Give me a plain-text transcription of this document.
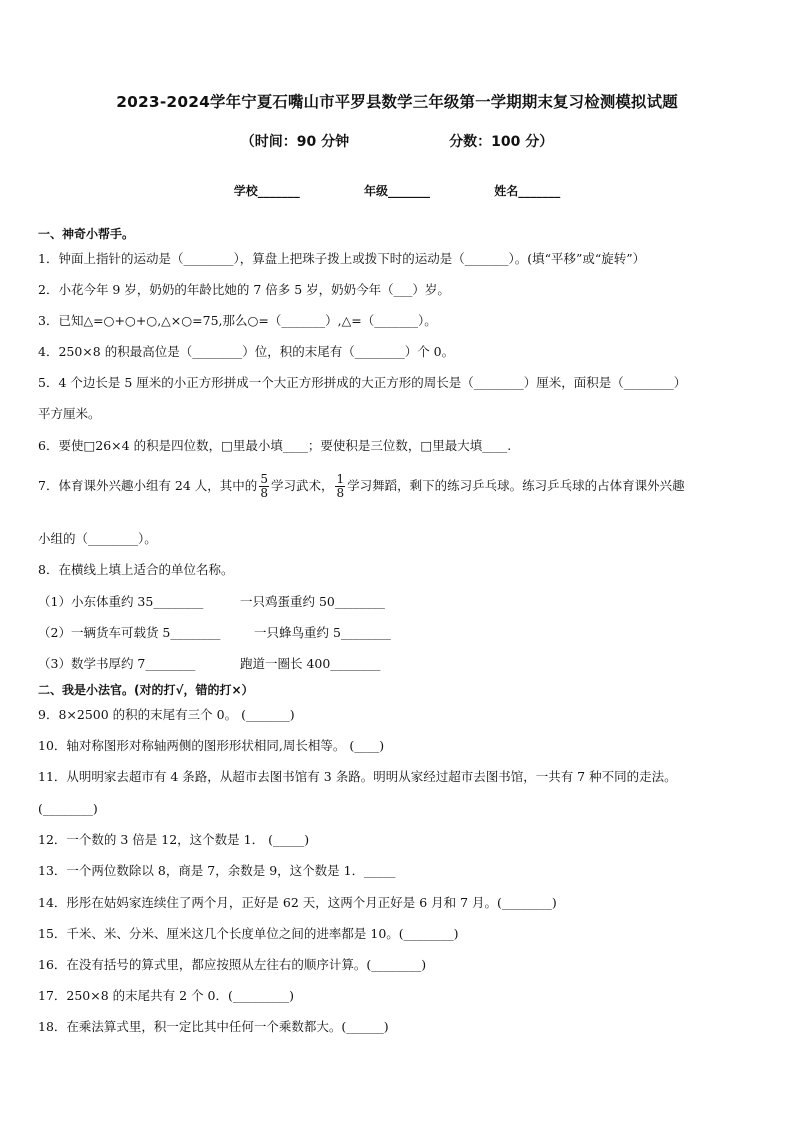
2023-2024学年宁夏石嘴山市平罗县数学三年级第一学期期末复习检测模拟试题
（时间：90 分钟	分数：100 分）
学校_______	年级_______	姓名_______
一、神奇小帮手。
1．钟面上指针的运动是（________），算盘上把珠子拨上或拨下时的运动是（_______）。(填“平移”或“旋转”）
2．小花今年 9 岁，奶奶的年龄比她的 7 倍多 5 岁，奶奶今年（___）岁。
3．已知△=○+○+○,△×○=75,那么○=（_______）,△=（_______）。
4．250×8 的积最高位是（________）位，积的末尾有（________）个 0。
5．4 个边长是 5 厘米的小正方形拼成一个大正方形拼成的大正方形的周长是（________）厘米，面积是（________）
平方厘米。
6．要使□26×4 的积是四位数，□里最小填____；要使积是三位数，□里最大填____.
7．体育课外兴趣小组有 24 人，其中的 $\frac{5}{8}$ 学习武术， $\frac{1}{8}$ 学习舞蹈，剩下的练习乒乓球。练习乒乓球的占体育课外兴趣
小组的（________）。
8．在横线上填上适合的单位名称。
（1）小东体重约 35________	一只鸡蛋重约 50________
（2）一辆货车可载货 5________	一只蜂鸟重约 5________
（3）数学书厚约 7________	跑道一圈长 400________
二、我是小法官。(对的打√，错的打×）
9．8×2500 的积的末尾有三个 0。 (_______)
10．轴对称图形对称轴两侧的图形形状相同,周长相等。 (____)
11．从明明家去超市有 4 条路，从超市去图书馆有 3 条路。明明从家经过超市去图书馆，一共有 7 种不同的走法。
(________)
12．一个数的 3 倍是 12，这个数是 1． (_____)
13．一个两位数除以 8，商是 7，余数是 9，这个数是 1．_____
14．彤彤在姑妈家连续住了两个月，正好是 62 天，这两个月正好是 6 月和 7 月。(________)
15．千米、米、分米、厘米这几个长度单位之间的进率都是 10。(________)
16．在没有括号的算式里，都应按照从左往右的顺序计算。(________)
17．250×8 的末尾共有 2 个 0．(_________)
18．在乘法算式里，积一定比其中任何一个乘数都大。(______)
